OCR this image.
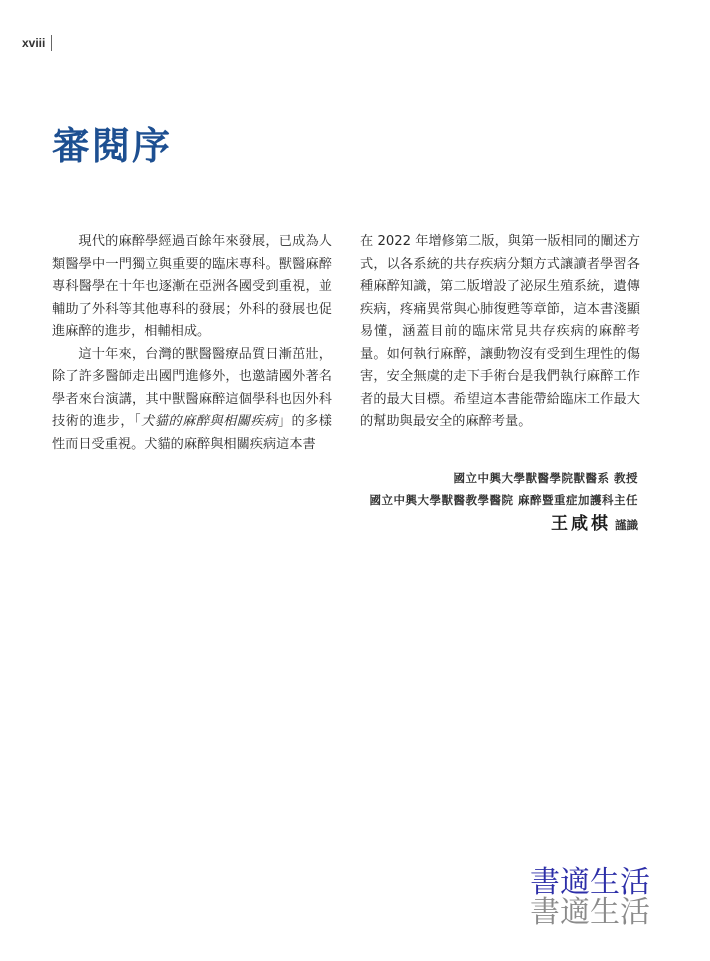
xviii
審閱序

現代的麻醉學經過百餘年來發展，已成為人類醫學中一門獨立與重要的臨床專科。獸醫麻醉專科醫學在十年也逐漸在亞洲各國受到重視，並輔助了外科等其他專科的發展；外科的發展也促進麻醉的進步，相輔相成。

這十年來，台灣的獸醫醫療品質日漸茁壯，除了許多醫師走出國門進修外，也邀請國外著名學者來台演講，其中獸醫麻醉這個學科也因外科技術的進步，「犬貓的麻醉與相關疾病」的多樣性而日受重視。犬貓的麻醉與相關疾病這本書

在 2022 年增修第二版，與第一版相同的闡述方式，以各系統的共存疾病分類方式讓讀者學習各種麻醉知識，第二版增設了泌尿生殖系統，遺傳疾病，疼痛異常與心肺復甦等章節，這本書淺顯易懂，涵蓋目前的臨床常見共存疾病的麻醉考量。如何執行麻醉，讓動物沒有受到生理性的傷害，安全無虞的走下手術台是我們執行麻醉工作者的最大目標。希望這本書能帶給臨床工作最大的幫助與最安全的麻醉考量。

國立中興大學獸醫學院獸醫系 教授
國立中興大學獸醫教學醫院 麻醉暨重症加護科主任
王咸棋 謹識
書適生活
書適生活
